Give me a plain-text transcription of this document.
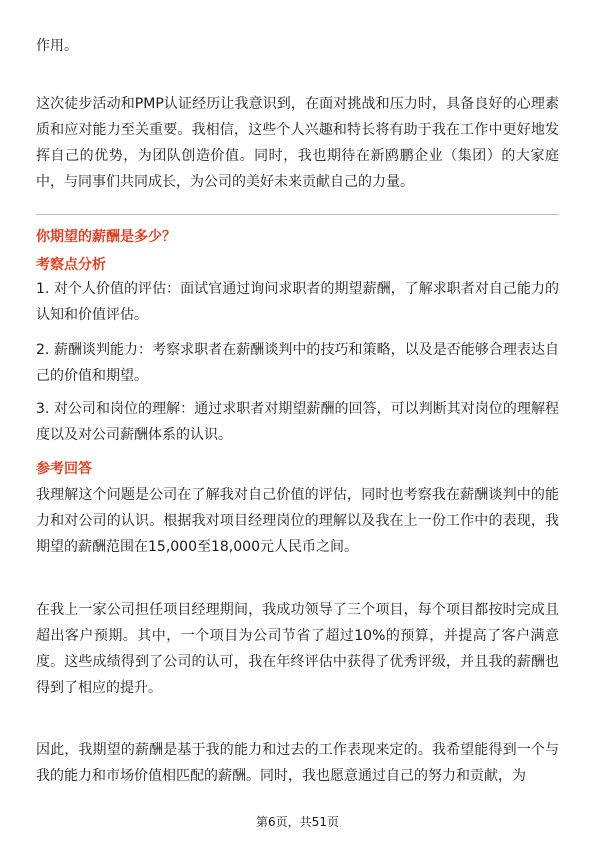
作用。

这次徒步活动和PMP认证经历让我意识到，在面对挑战和压力时，具备良好的心理素质和应对能力至关重要。我相信，这些个人兴趣和特长将有助于我在工作中更好地发挥自己的优势，为团队创造价值。同时，我也期待在新鸥鹏企业（集团）的大家庭中，与同事们共同成长，为公司的美好未来贡献自己的力量。

你期望的薪酬是多少？

考察点分析

1. 对个人价值的评估：面试官通过询问求职者的期望薪酬，了解求职者对自己能力的认知和价值评估。

2. 薪酬谈判能力：考察求职者在薪酬谈判中的技巧和策略，以及是否能够合理表达自己的价值和期望。

3. 对公司和岗位的理解：通过求职者对期望薪酬的回答，可以判断其对岗位的理解程度以及对公司薪酬体系的认识。

参考回答

我理解这个问题是公司在了解我对自己价值的评估，同时也考察我在薪酬谈判中的能力和对公司的认识。根据我对项目经理岗位的理解以及我在上一份工作中的表现，我期望的薪酬范围在15,000至18,000元人民币之间。

在我上一家公司担任项目经理期间，我成功领导了三个项目，每个项目都按时完成且超出客户预期。其中，一个项目为公司节省了超过10%的预算，并提高了客户满意度。这些成绩得到了公司的认可，我在年终评估中获得了优秀评级，并且我的薪酬也得到了相应的提升。

因此，我期望的薪酬是基于我的能力和过去的工作表现来定的。我希望能得到一个与我的能力和市场价值相匹配的薪酬。同时，我也愿意通过自己的努力和贡献，为

第6页，共51页
